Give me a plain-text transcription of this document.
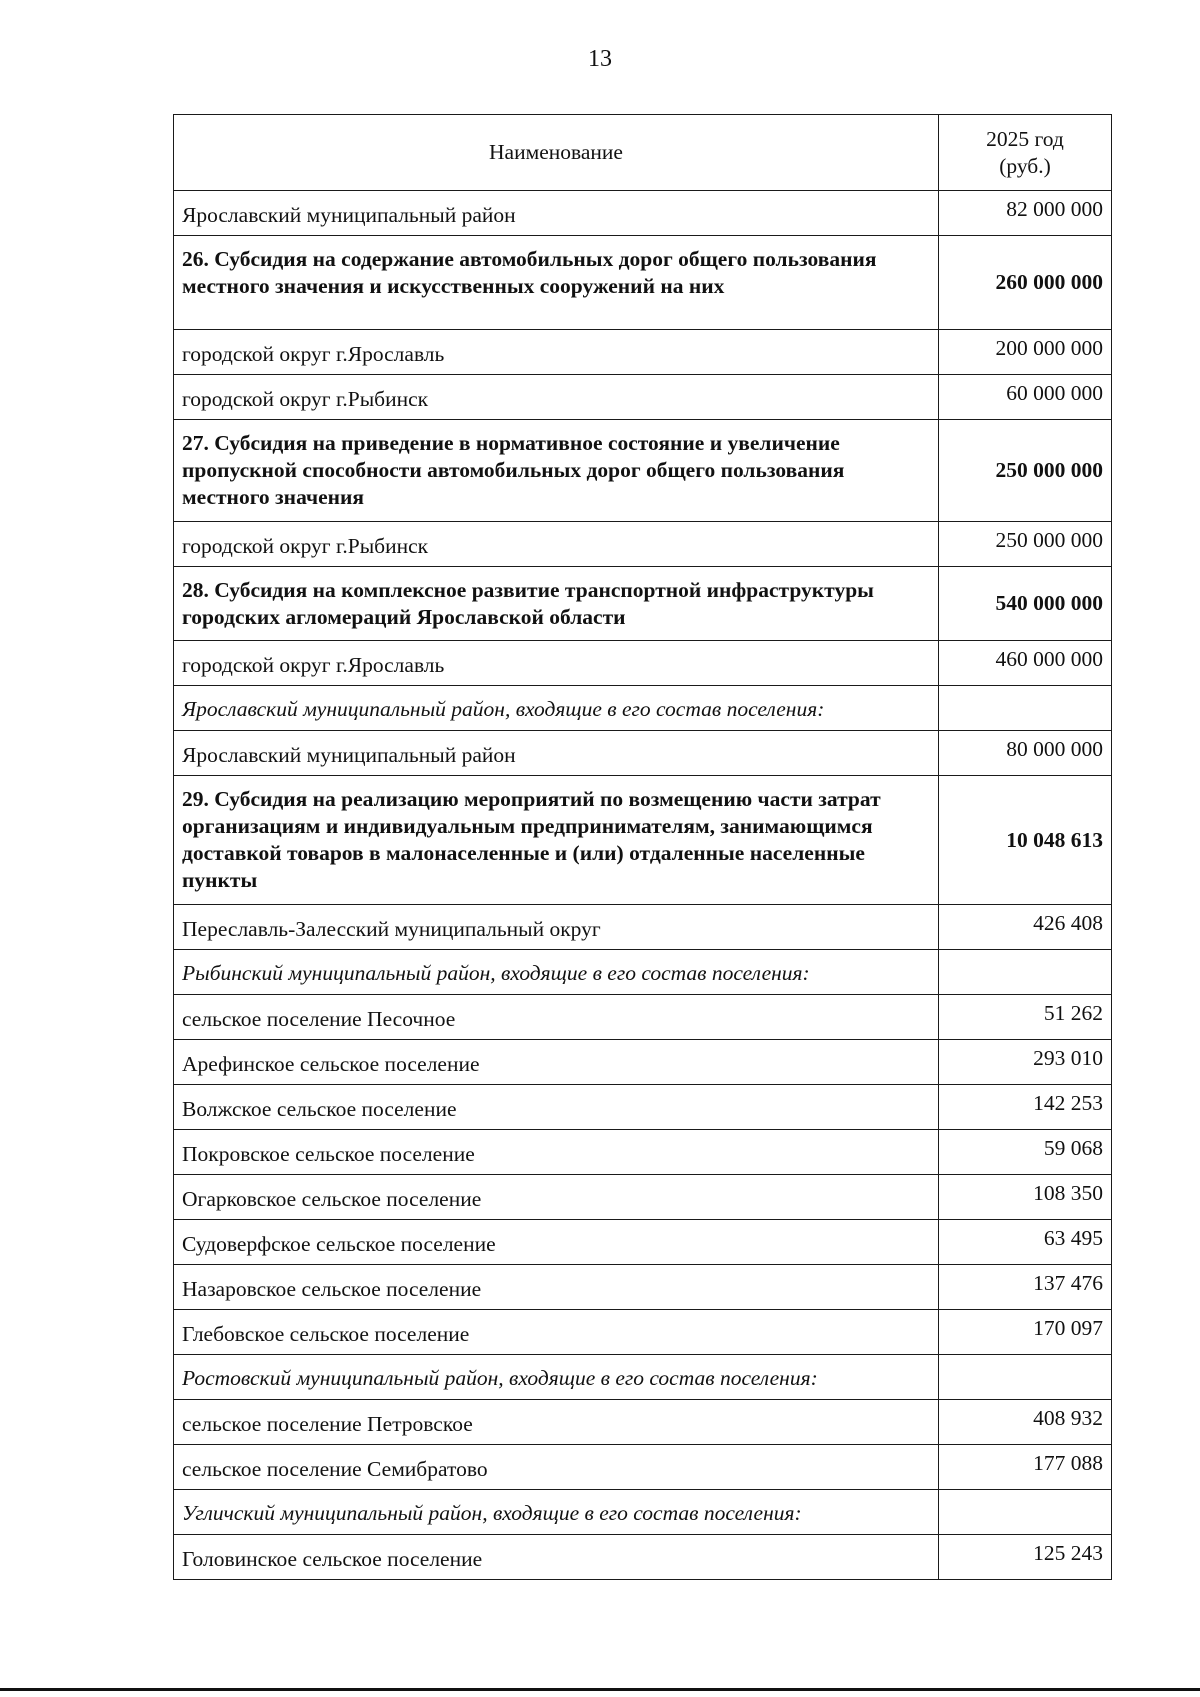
13
Наименование	2025 год
(руб.)
Ярославский муниципальный район	82 000 000
26. Субсидия на содержание автомобильных дорог общего пользования местного значения и искусственных сооружений на них	260 000 000
городской округ г.Ярославль	200 000 000
городской округ г.Рыбинск	60 000 000
27. Субсидия на приведение в нормативное состояние и увеличение пропускной способности автомобильных дорог общего пользования местного значения	250 000 000
городской округ г.Рыбинск	250 000 000
28. Субсидия на комплексное развитие транспортной инфраструктуры городских агломераций Ярославской области	540 000 000
городской округ г.Ярославль	460 000 000
Ярославский муниципальный район, входящие в его состав поселения:	
Ярославский муниципальный район	80 000 000
29. Субсидия на реализацию мероприятий по возмещению части затрат организациям и индивидуальным предпринимателям, занимающимся доставкой товаров в малонаселенные и (или) отдаленные населенные пункты	10 048 613
Переславль-Залесский муниципальный округ	426 408
Рыбинский муниципальный район, входящие в его состав поселения:	
сельское поселение Песочное	51 262
Арефинское сельское поселение	293 010
Волжское сельское поселение	142 253
Покровское сельское поселение	59 068
Огарковское сельское поселение	108 350
Судоверфское сельское поселение	63 495
Назаровское сельское поселение	137 476
Глебовское сельское поселение	170 097
Ростовский муниципальный район, входящие в его состав поселения:	
сельское поселение Петровское	408 932
сельское поселение Семибратово	177 088
Угличский муниципальный район, входящие в его состав поселения:	
Головинское сельское поселение	125 243
